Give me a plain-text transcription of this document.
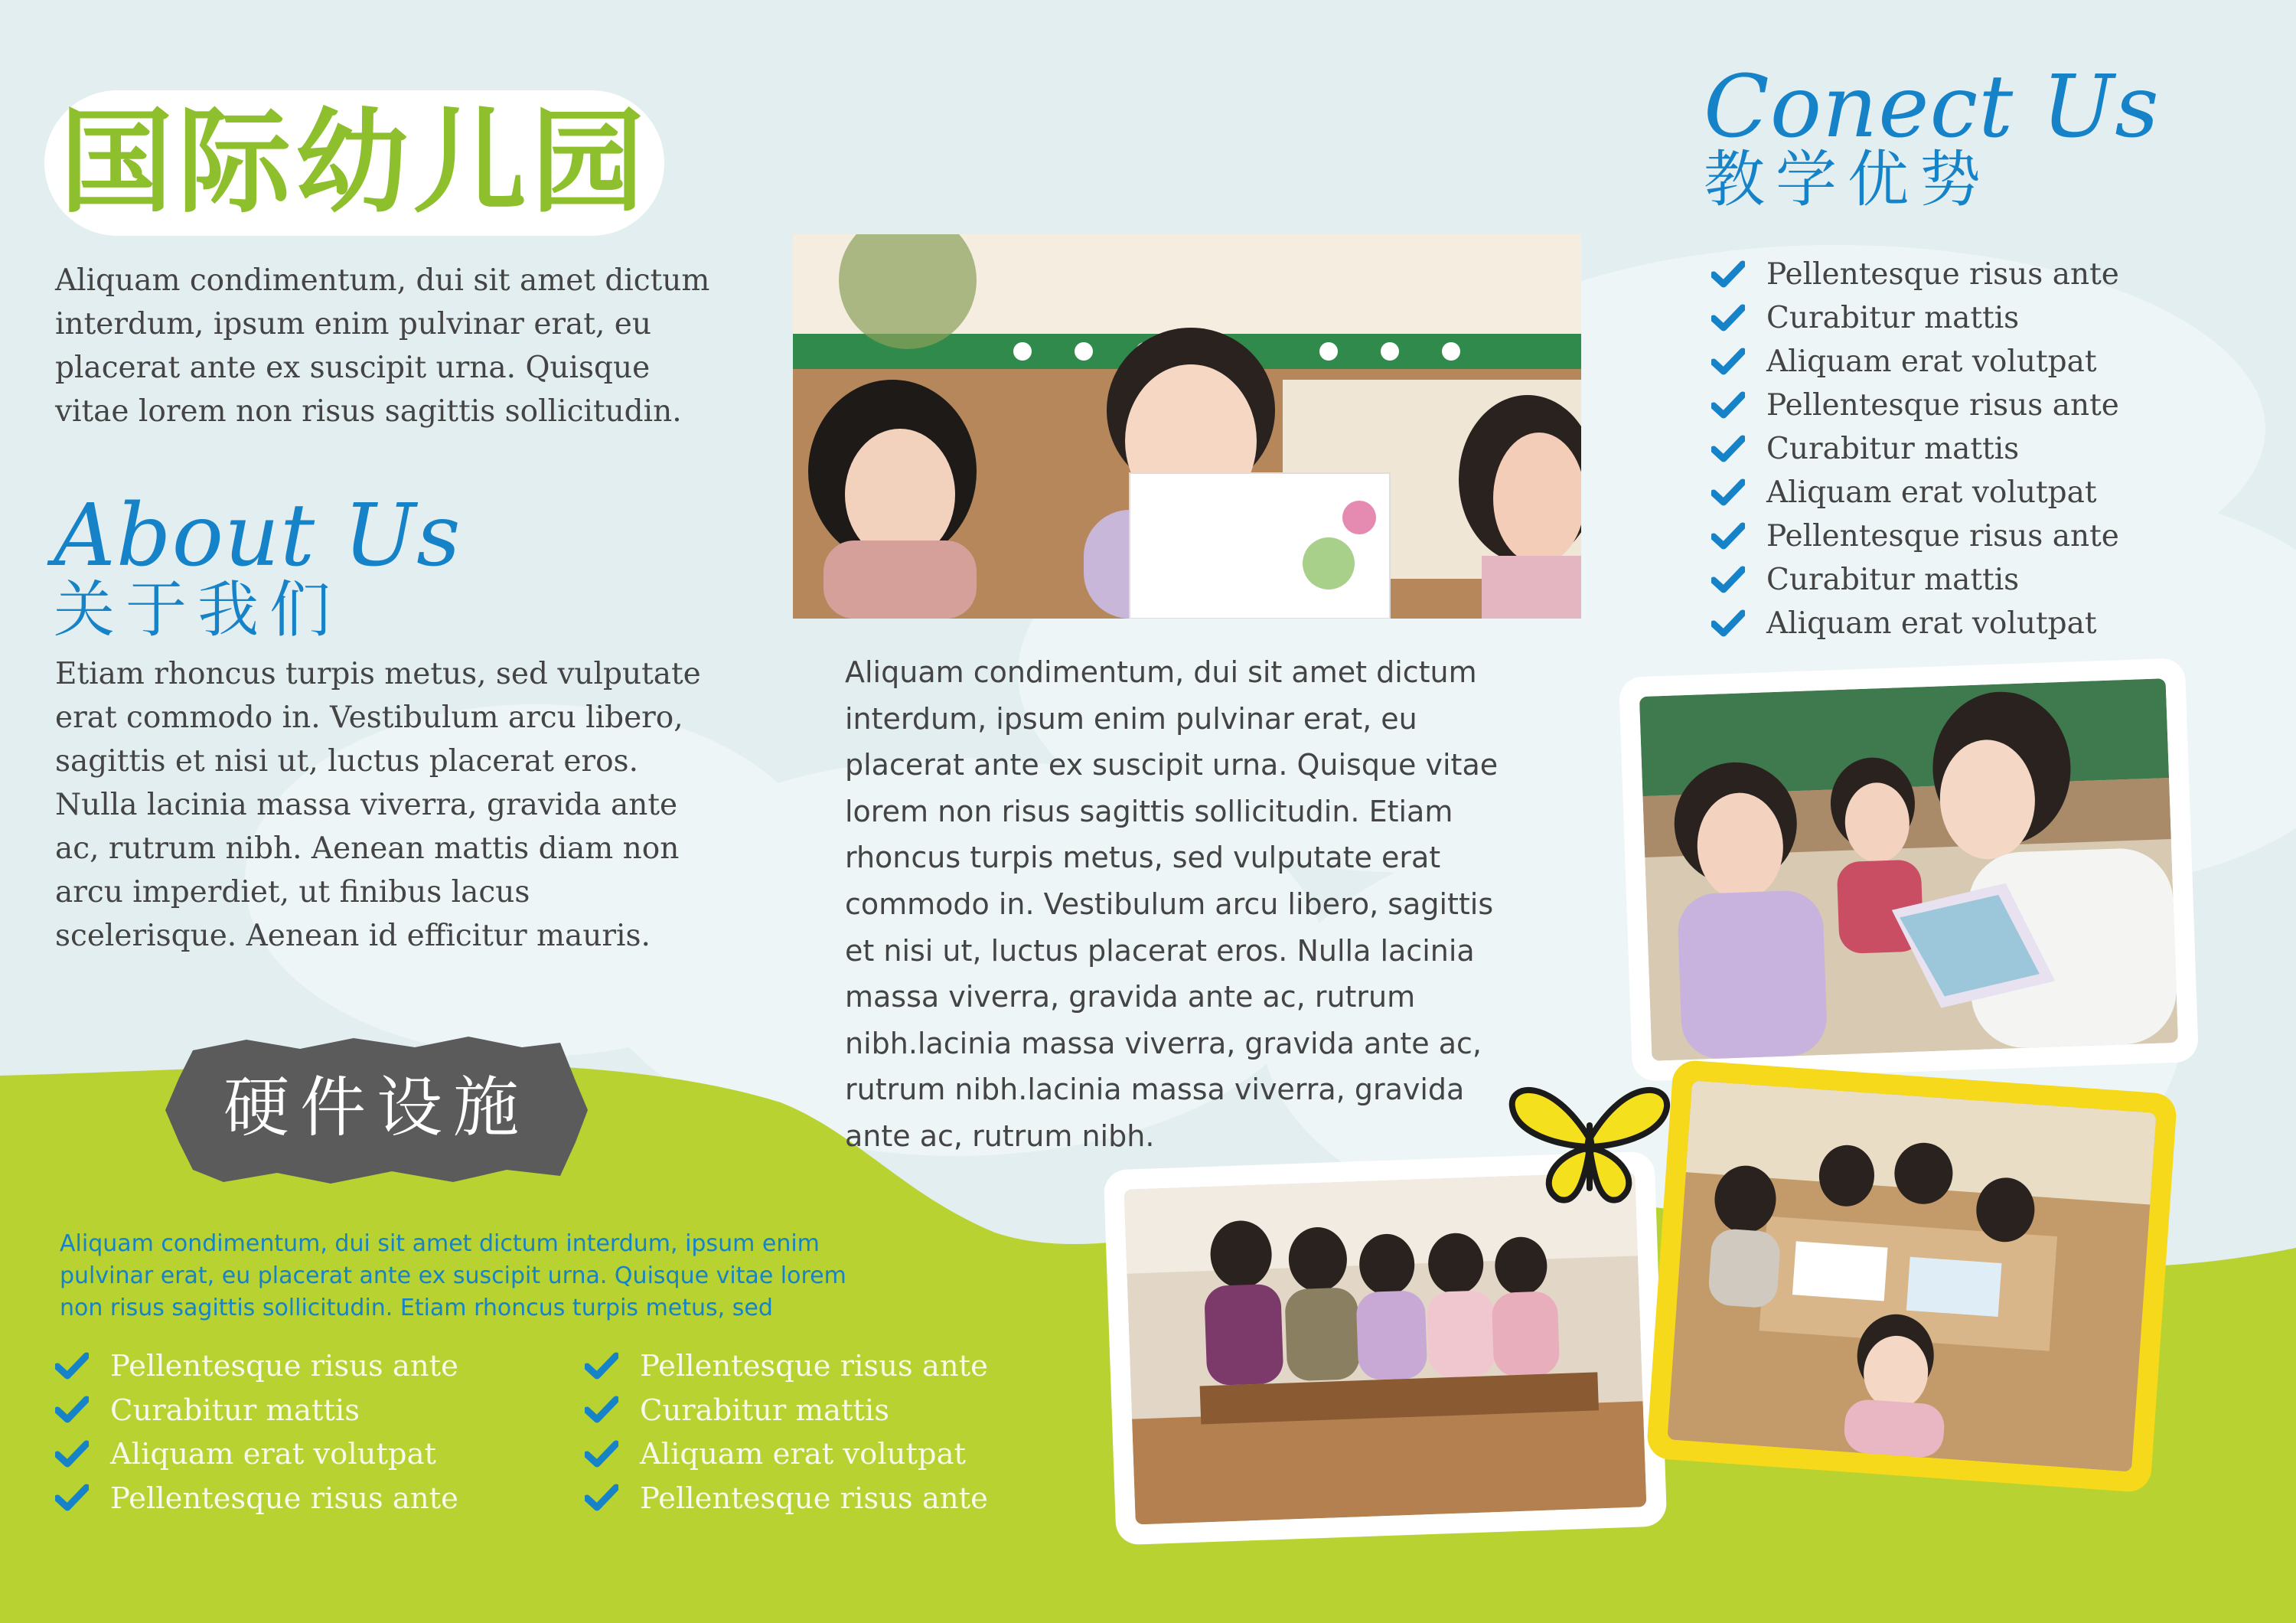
国际幼儿园
Aliquam condimentum, dui sit amet dictum interdum, ipsum enim pulvinar erat, eu placerat ante ex suscipit urna. Quisque vitae lorem non risus sagittis sollicitudin.
About Us
关于我们
Etiam rhoncus turpis metus, sed vulputate erat commodo in. Vestibulum arcu libero, sagittis et nisi ut, luctus placerat eros. Nulla lacinia massa viverra, gravida ante ac, rutrum nibh. Aenean mattis diam non arcu imperdiet, ut finibus lacus scelerisque. Aenean id efficitur mauris.
Aliquam condimentum, dui sit amet dictum interdum, ipsum enim pulvinar erat, eu placerat ante ex suscipit urna. Quisque vitae lorem non risus sagittis sollicitudin. Etiam rhoncus turpis metus, sed vulputate erat commodo in. Vestibulum arcu libero, sagittis et nisi ut, luctus placerat eros. Nulla lacinia massa viverra, gravida ante ac, rutrum nibh.lacinia massa viverra, gravida ante ac, rutrum nibh.lacinia massa viverra, gravida ante ac, rutrum nibh.
Conect Us
教学优势
Pellentesque risus ante
Curabitur mattis
Aliquam erat volutpat
Pellentesque risus ante
Curabitur mattis
Aliquam erat volutpat
Pellentesque risus ante
Curabitur mattis
Aliquam erat volutpat
硬件设施
Aliquam condimentum, dui sit amet dictum interdum, ipsum enim pulvinar erat, eu placerat ante ex suscipit urna. Quisque vitae lorem non risus sagittis sollicitudin. Etiam rhoncus turpis metus, sed
Pellentesque risus ante
Curabitur mattis
Aliquam erat volutpat
Pellentesque risus ante
Pellentesque risus ante
Curabitur mattis
Aliquam erat volutpat
Pellentesque risus ante
